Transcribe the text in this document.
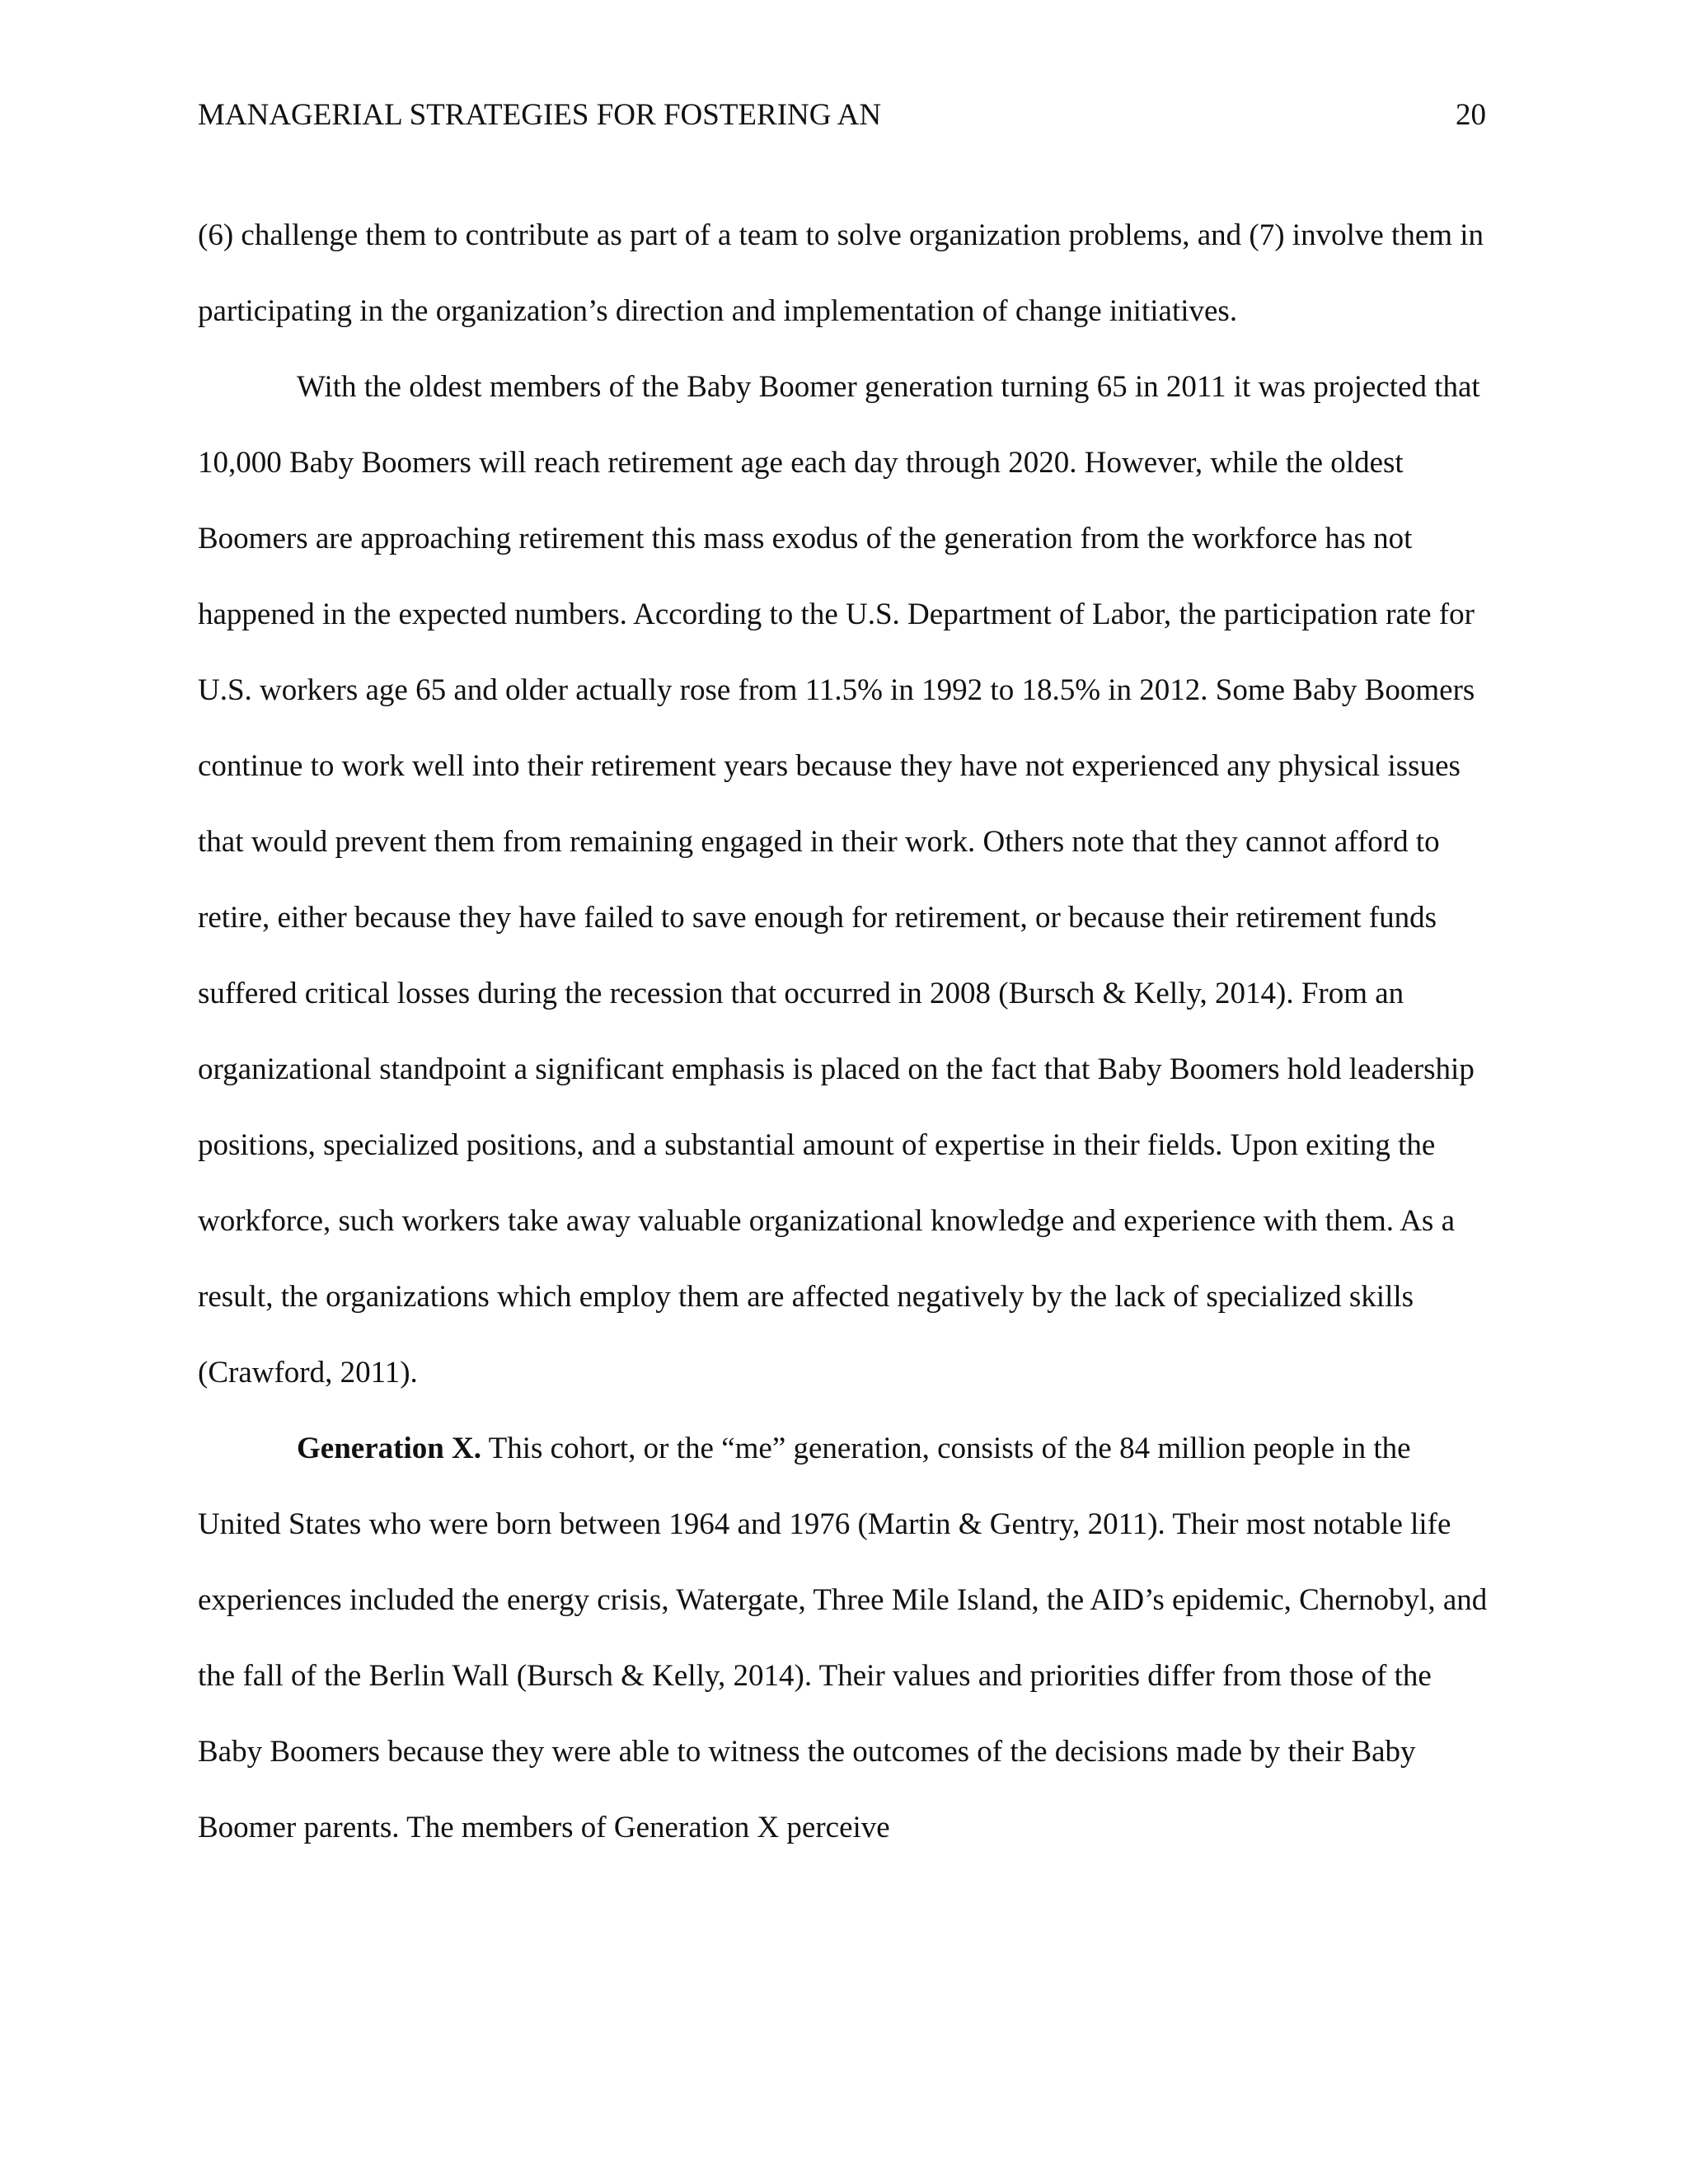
MANAGERIAL STRATEGIES FOR FOSTERING AN	20

(6) challenge them to contribute as part of a team to solve organization problems, and (7) involve them in participating in the organization’s direction and implementation of change initiatives.

With the oldest members of the Baby Boomer generation turning 65 in 2011 it was projected that 10,000 Baby Boomers will reach retirement age each day through 2020. However, while the oldest Boomers are approaching retirement this mass exodus of the generation from the workforce has not happened in the expected numbers. According to the U.S. Department of Labor, the participation rate for U.S. workers age 65 and older actually rose from 11.5% in 1992 to 18.5% in 2012. Some Baby Boomers continue to work well into their retirement years because they have not experienced any physical issues that would prevent them from remaining engaged in their work. Others note that they cannot afford to retire, either because they have failed to save enough for retirement, or because their retirement funds suffered critical losses during the recession that occurred in 2008 (Bursch & Kelly, 2014). From an organizational standpoint a significant emphasis is placed on the fact that Baby Boomers hold leadership positions, specialized positions, and a substantial amount of expertise in their fields. Upon exiting the workforce, such workers take away valuable organizational knowledge and experience with them. As a result, the organizations which employ them are affected negatively by the lack of specialized skills (Crawford, 2011).

Generation X. This cohort, or the “me” generation, consists of the 84 million people in the United States who were born between 1964 and 1976 (Martin & Gentry, 2011). Their most notable life experiences included the energy crisis, Watergate, Three Mile Island, the AID’s epidemic, Chernobyl, and the fall of the Berlin Wall (Bursch & Kelly, 2014). Their values and priorities differ from those of the Baby Boomers because they were able to witness the outcomes of the decisions made by their Baby Boomer parents. The members of Generation X perceive
